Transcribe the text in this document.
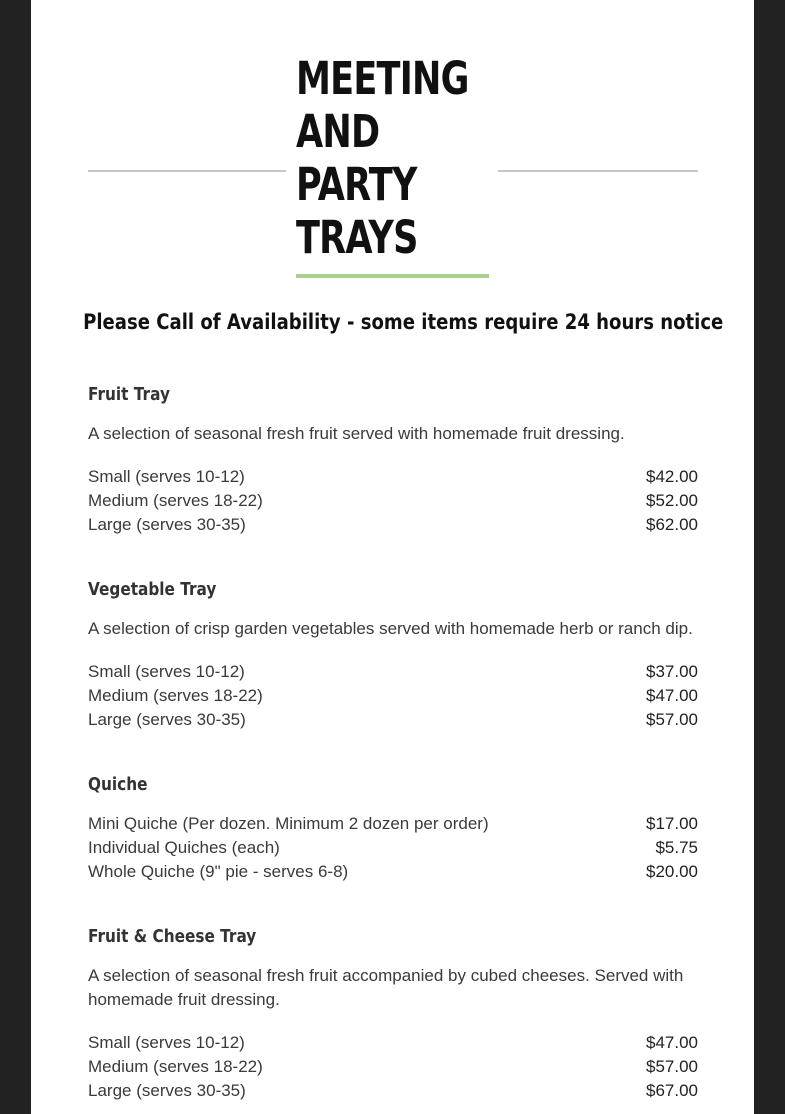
MEETING
AND
PARTY
TRAYS
Please Call of Availability - some items require 24 hours notice
Fruit Tray

A selection of seasonal fresh fruit served with homemade fruit dressing.

Small (serves 10-12)	$42.00
Medium (serves 18-22)	$52.00
Large (serves 30-35)	$62.00
Vegetable Tray

A selection of crisp garden vegetables served with homemade herb or ranch dip.

Small (serves 10-12)	$37.00
Medium (serves 18-22)	$47.00
Large (serves 30-35)	$57.00
Quiche
Mini Quiche (Per dozen. Minimum 2 dozen per order)	$17.00
Individual Quiches (each)	$5.75
Whole Quiche (9" pie - serves 6-8)	$20.00
Fruit & Cheese Tray

A selection of seasonal fresh fruit accompanied by cubed cheeses. Served with homemade fruit dressing.

Small (serves 10-12)	$47.00
Medium (serves 18-22)	$57.00
Large (serves 30-35)	$67.00
